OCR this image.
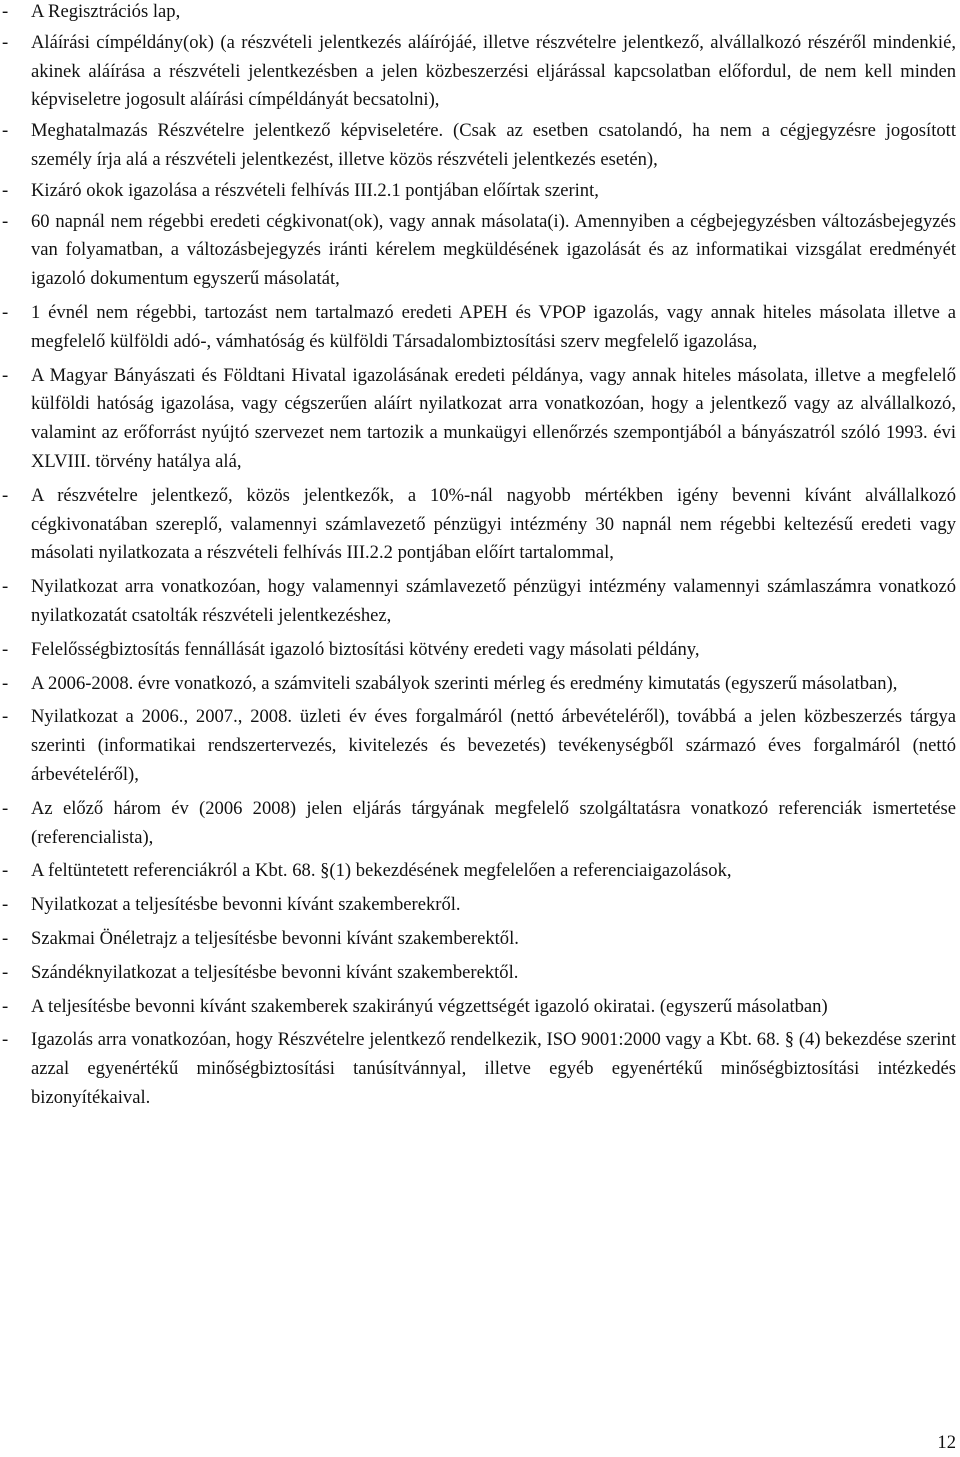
- A Regisztrációs lap,
- Aláírási címpéldány(ok) (a részvételi jelentkezés aláírójáé, illetve részvételre jelentkező, alvállalkozó részéről mindenkié, akinek aláírása a részvételi jelentkezésben a jelen közbeszerzési eljárással kapcsolatban előfordul, de nem kell minden képviseletre jogosult aláírási címpéldányát becsatolni),
- Meghatalmazás Részvételre jelentkező képviseletére. (Csak az esetben csatolandó, ha nem a cégjegyzésre jogosított személy írja alá a részvételi jelentkezést, illetve közös részvételi jelentkezés esetén),
- Kizáró okok igazolása a részvételi felhívás III.2.1 pontjában előírtak szerint,
- 60 napnál nem régebbi eredeti cégkivonat(ok), vagy annak másolata(i). Amennyiben a cégbejegyzésben változásbejegyzés van folyamatban, a változásbejegyzés iránti kérelem megküldésének igazolását és az informatikai vizsgálat eredményét igazoló dokumentum egyszerű másolatát,
- 1 évnél nem régebbi, tartozást nem tartalmazó eredeti APEH és VPOP igazolás, vagy annak hiteles másolata illetve a megfelelő külföldi adó-, vámhatóság és külföldi Társadalombiztosítási szerv megfelelő igazolása,
- A Magyar Bányászati és Földtani Hivatal igazolásának eredeti példánya, vagy annak hiteles másolata, illetve a megfelelő külföldi hatóság igazolása, vagy cégszerűen aláírt nyilatkozat arra vonatkozóan, hogy a jelentkező vagy az alvállalkozó, valamint az erőforrást nyújtó szervezet nem tartozik a munkaügyi ellenőrzés szempontjából a bányászatról szóló 1993. évi XLVIII. törvény hatálya alá,
- A részvételre jelentkező, közös jelentkezők, a 10%-nál nagyobb mértékben igény bevenni kívánt alvállalkozó cégkivonatában szereplő, valamennyi számlavezető pénzügyi intézmény 30 napnál nem régebbi keltezésű eredeti vagy másolati nyilatkozata a részvételi felhívás III.2.2 pontjában előírt tartalommal,
- Nyilatkozat arra vonatkozóan, hogy valamennyi számlavezető pénzügyi intézmény valamennyi számlaszámra vonatkozó nyilatkozatát csatolták részvételi jelentkezéshez,
- Felelősségbiztosítás fennállását igazoló biztosítási kötvény eredeti vagy másolati példány,
- A 2006-2008. évre vonatkozó, a számviteli szabályok szerinti mérleg és eredmény kimutatás (egyszerű másolatban),
- Nyilatkozat a 2006., 2007., 2008. üzleti év éves forgalmáról (nettó árbevételéről), továbbá a jelen közbeszerzés tárgya szerinti (informatikai rendszertervezés, kivitelezés és bevezetés) tevékenységből származó éves forgalmáról (nettó árbevételéről),
- Az előző három év (2006 2008) jelen eljárás tárgyának megfelelő szolgáltatásra vonatkozó referenciák ismertetése (referencialista),
- A feltüntetett referenciákról a Kbt. 68. §(1) bekezdésének megfelelően a referenciaigazolások,
- Nyilatkozat a teljesítésbe bevonni kívánt szakemberekről.
- Szakmai Önéletrajz a teljesítésbe bevonni kívánt szakemberektől.
- Szándéknyilatkozat a teljesítésbe bevonni kívánt szakemberektől.
- A teljesítésbe bevonni kívánt szakemberek szakirányú végzettségét igazoló okiratai. (egyszerű másolatban)
- Igazolás arra vonatkozóan, hogy Részvételre jelentkező rendelkezik, ISO 9001:2000 vagy a Kbt. 68. § (4) bekezdése szerint azzal egyenértékű minőségbiztosítási tanúsítvánnyal, illetve egyéb egyenértékű minőségbiztosítási intézkedés bizonyítékaival.
12
